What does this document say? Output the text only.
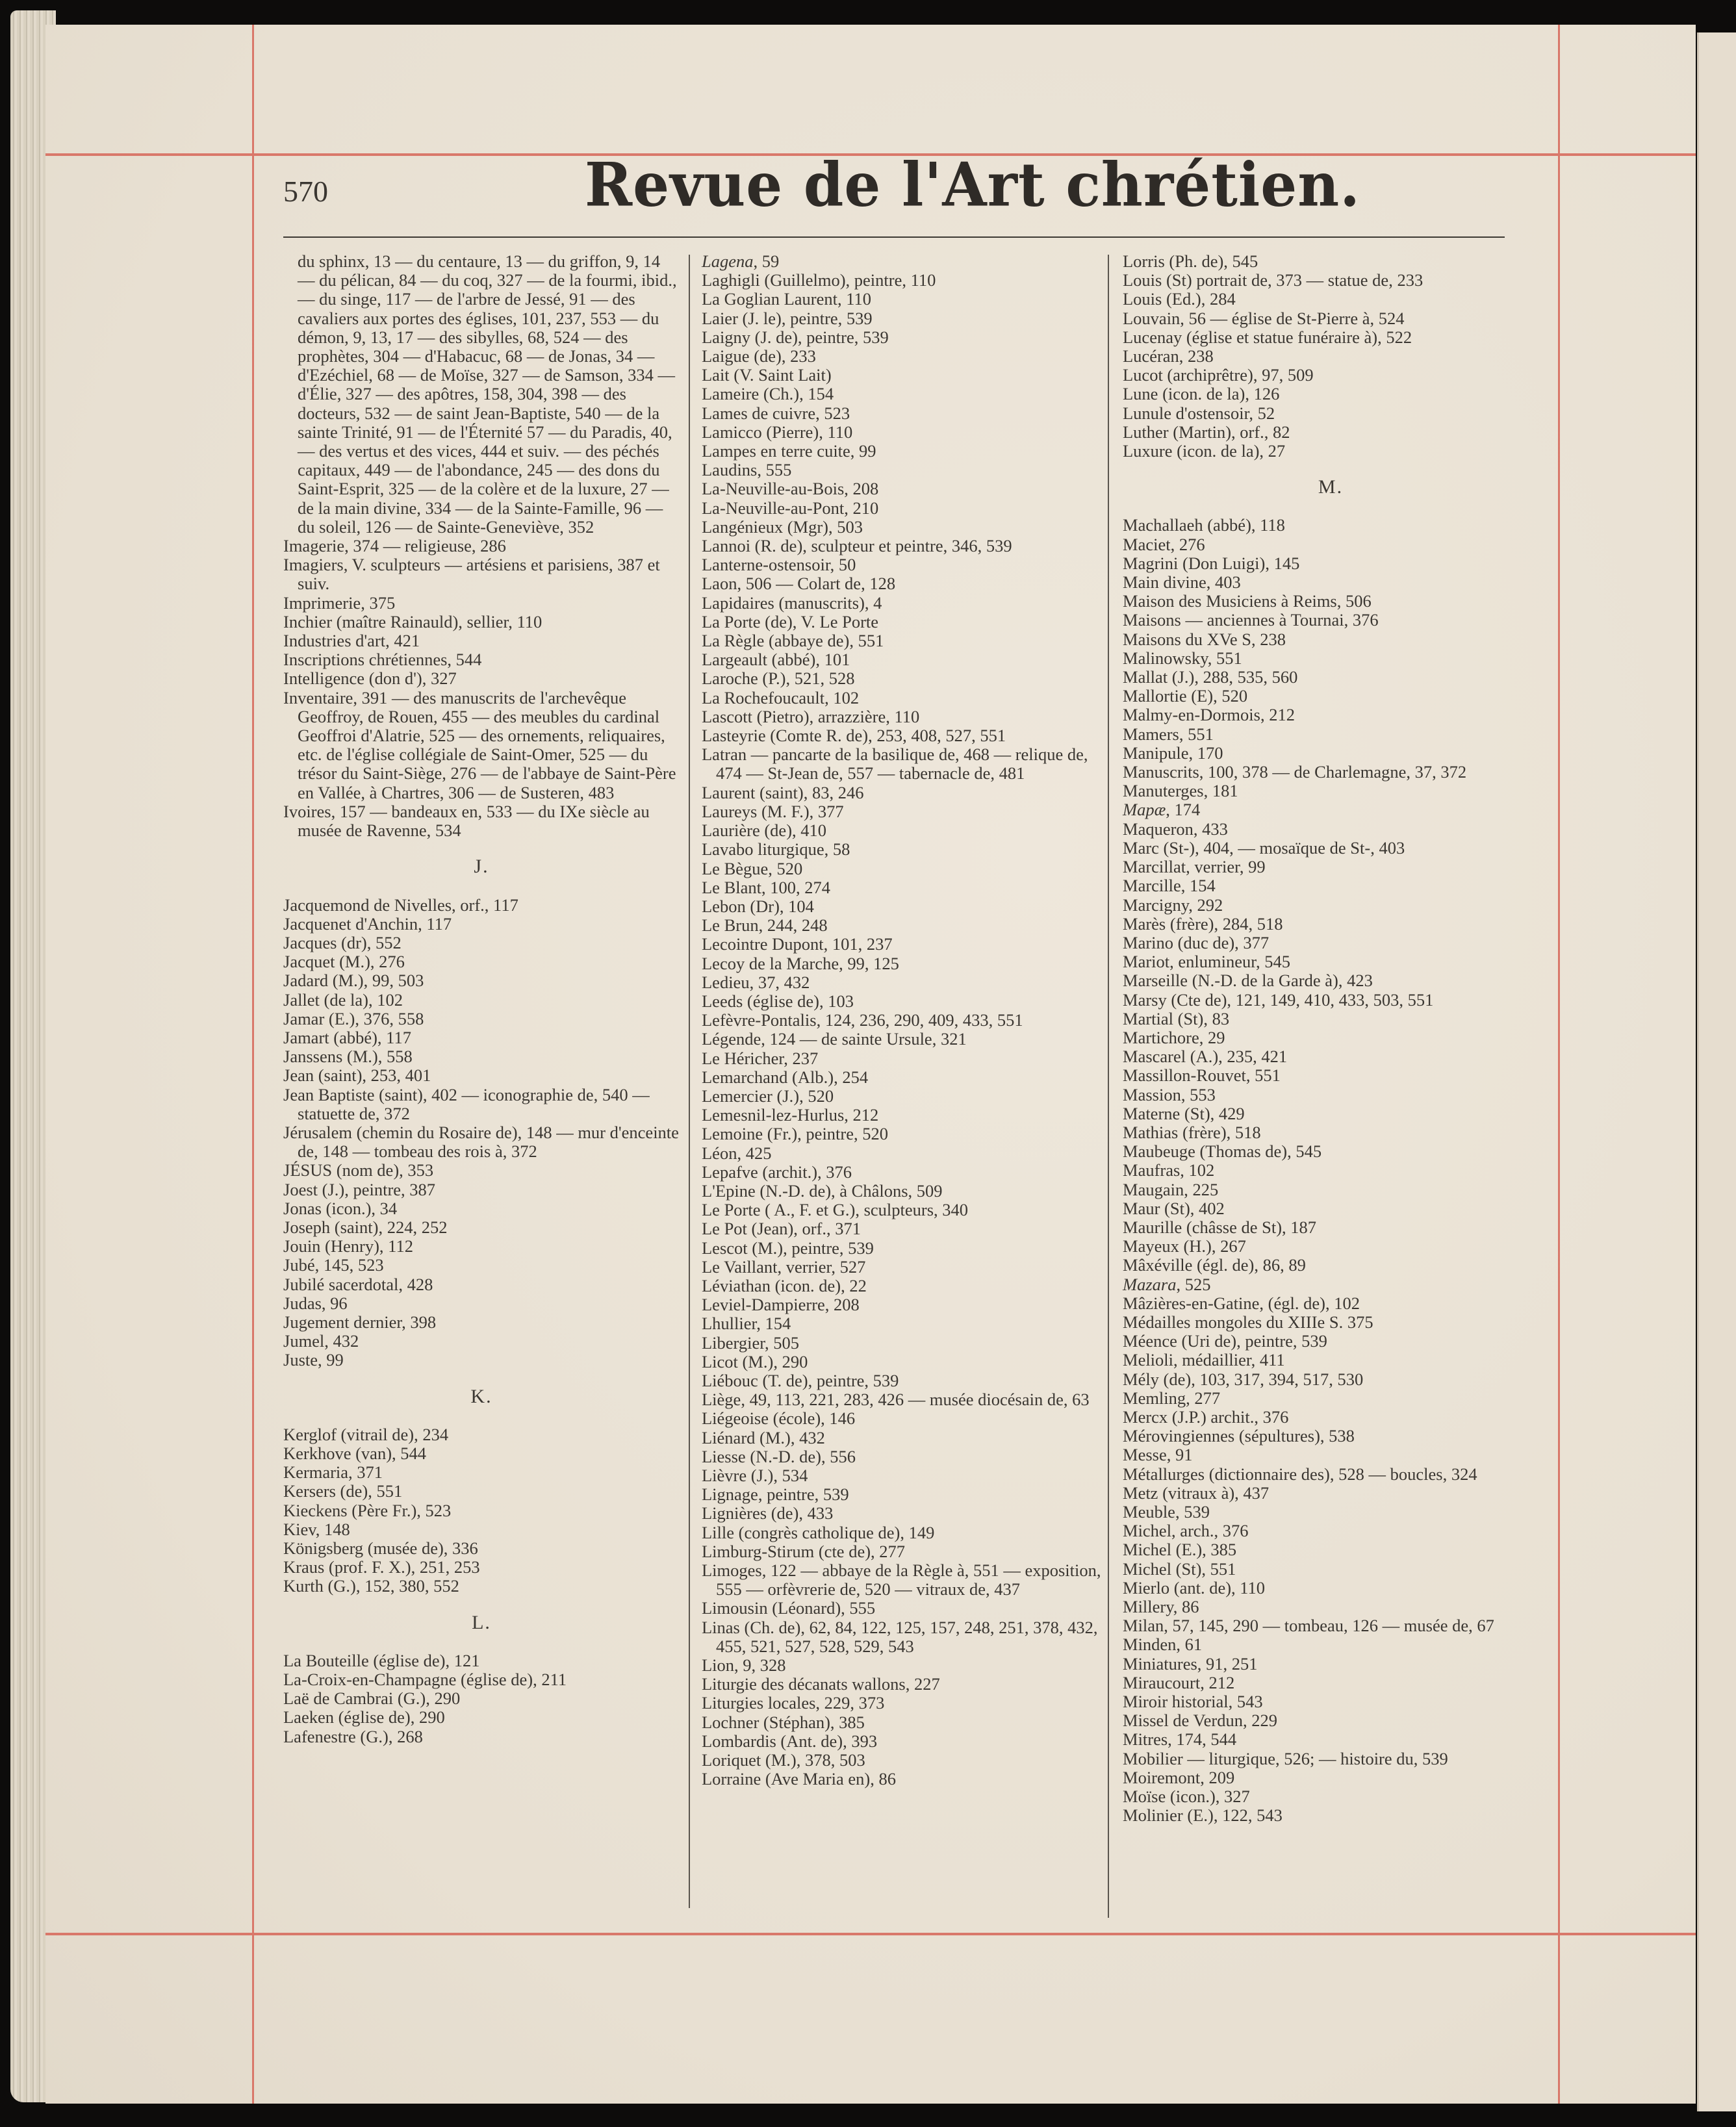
570	Revue de l'Art chrétien.
du sphinx, 13 — du centaure, 13 — du griffon, 9, 14 — du pélican, 84 — du coq, 327 — de la fourmi, ibid., — du singe, 117 — de l'arbre de Jessé, 91 — des cavaliers aux portes des églises, 101, 237, 553 — du démon, 9, 13, 17 — des sibylles, 68, 524 — des prophètes, 304 — d'Habacuc, 68 — de Jonas, 34 — d'Ezéchiel, 68 — de Moïse, 327 — de Samson, 334 — d'Élie, 327 — des apôtres, 158, 304, 398 — des docteurs, 532 — de saint Jean-Baptiste, 540 — de la sainte Trinité, 91 — de l'Éternité 57 — du Paradis, 40, — des vertus et des vices, 444 et suiv. — des péchés capitaux, 449 — de l'abondance, 245 — des dons du Saint-Esprit, 325 — de la colère et de la luxure, 27 — de la main divine, 334 — de la Sainte-Famille, 96 — du soleil, 126 — de Sainte-Geneviève, 352
Imagerie, 374 — religieuse, 286
Imagiers, V. sculpteurs — artésiens et parisiens, 387 et suiv.
Imprimerie, 375
Inchier (maître Rainauld), sellier, 110
Industries d'art, 421
Inscriptions chrétiennes, 544
Intelligence (don d'), 327
Inventaire, 391 — des manuscrits de l'archevêque Geoffroy, de Rouen, 455 — des meubles du cardinal Geoffroi d'Alatrie, 525 — des ornements, reliquaires, etc. de l'église collégiale de Saint-Omer, 525 — du trésor du Saint-Siège, 276 — de l'abbaye de Saint-Père en Vallée, à Chartres, 306 — de Susteren, 483
Ivoires, 157 — bandeaux en, 533 — du IXe siècle au musée de Ravenne, 534
J.
Jacquemond de Nivelles, orf., 117
Jacquenet d'Anchin, 117
Jacques (dr), 552
Jacquet (M.), 276
Jadard (M.), 99, 503
Jallet (de la), 102
Jamar (E.), 376, 558
Jamart (abbé), 117
Janssens (M.), 558
Jean (saint), 253, 401
Jean Baptiste (saint), 402 — iconographie de, 540 — statuette de, 372
Jérusalem (chemin du Rosaire de), 148 — mur d'enceinte de, 148 — tombeau des rois à, 372
JÉSUS (nom de), 353
Joest (J.), peintre, 387
Jonas (icon.), 34
Joseph (saint), 224, 252
Jouin (Henry), 112
Jubé, 145, 523
Jubilé sacerdotal, 428
Judas, 96
Jugement dernier, 398
Jumel, 432
Juste, 99
K.
Kerglof (vitrail de), 234
Kerkhove (van), 544
Kermaria, 371
Kersers (de), 551
Kieckens (Père Fr.), 523
Kiev, 148
Königsberg (musée de), 336
Kraus (prof. F. X.), 251, 253
Kurth (G.), 152, 380, 552
L.
La Bouteille (église de), 121
La-Croix-en-Champagne (église de), 211
Laë de Cambrai (G.), 290
Laeken (église de), 290
Lafenestre (G.), 268
Lagena, 59
Laghigli (Guillelmo), peintre, 110
La Goglian Laurent, 110
Laier (J. le), peintre, 539
Laigny (J. de), peintre, 539
Laigue (de), 233
Lait (V. Saint Lait)
Lameire (Ch.), 154
Lames de cuivre, 523
Lamicco (Pierre), 110
Lampes en terre cuite, 99
Laudins, 555
La-Neuville-au-Bois, 208
La-Neuville-au-Pont, 210
Langénieux (Mgr), 503
Lannoi (R. de), sculpteur et peintre, 346, 539
Lanterne-ostensoir, 50
Laon, 506 — Colart de, 128
Lapidaires (manuscrits), 4
La Porte (de), V. Le Porte
La Règle (abbaye de), 551
Largeault (abbé), 101
Laroche (P.), 521, 528
La Rochefoucault, 102
Lascott (Pietro), arrazzière, 110
Lasteyrie (Comte R. de), 253, 408, 527, 551
Latran — pancarte de la basilique de, 468 — relique de, 474 — St-Jean de, 557 — tabernacle de, 481
Laurent (saint), 83, 246
Laureys (M. F.), 377
Laurière (de), 410
Lavabo liturgique, 58
Le Bègue, 520
Le Blant, 100, 274
Lebon (Dr), 104
Le Brun, 244, 248
Lecointre Dupont, 101, 237
Lecoy de la Marche, 99, 125
Ledieu, 37, 432
Leeds (église de), 103
Lefèvre-Pontalis, 124, 236, 290, 409, 433, 551
Légende, 124 — de sainte Ursule, 321
Le Héricher, 237
Lemarchand (Alb.), 254
Lemercier (J.), 520
Lemesnil-lez-Hurlus, 212
Lemoine (Fr.), peintre, 520
Léon, 425
Lepafve (archit.), 376
L'Epine (N.-D. de), à Châlons, 509
Le Porte ( A., F. et G.), sculpteurs, 340
Le Pot (Jean), orf., 371
Lescot (M.), peintre, 539
Le Vaillant, verrier, 527
Léviathan (icon. de), 22
Leviel-Dampierre, 208
Lhullier, 154
Libergier, 505
Licot (M.), 290
Liébouc (T. de), peintre, 539
Liège, 49, 113, 221, 283, 426 — musée diocésain de, 63
Liégeoise (école), 146
Liénard (M.), 432
Liesse (N.-D. de), 556
Lièvre (J.), 534
Lignage, peintre, 539
Lignières (de), 433
Lille (congrès catholique de), 149
Limburg-Stirum (cte de), 277
Limoges, 122 — abbaye de la Règle à, 551 — exposition, 555 — orfèvrerie de, 520 — vitraux de, 437
Limousin (Léonard), 555
Linas (Ch. de), 62, 84, 122, 125, 157, 248, 251, 378, 432, 455, 521, 527, 528, 529, 543
Lion, 9, 328
Liturgie des décanats wallons, 227
Liturgies locales, 229, 373
Lochner (Stéphan), 385
Lombardis (Ant. de), 393
Loriquet (M.), 378, 503
Lorraine (Ave Maria en), 86
Lorris (Ph. de), 545
Louis (St) portrait de, 373 — statue de, 233
Louis (Ed.), 284
Louvain, 56 — église de St-Pierre à, 524
Lucenay (église et statue funéraire à), 522
Lucéran, 238
Lucot (archiprêtre), 97, 509
Lune (icon. de la), 126
Lunule d'ostensoir, 52
Luther (Martin), orf., 82
Luxure (icon. de la), 27
M.
Machallaeh (abbé), 118
Maciet, 276
Magrini (Don Luigi), 145
Main divine, 403
Maison des Musiciens à Reims, 506
Maisons — anciennes à Tournai, 376
Maisons du XVe S, 238
Malinowsky, 551
Mallat (J.), 288, 535, 560
Mallortie (E), 520
Malmy-en-Dormois, 212
Mamers, 551
Manipule, 170
Manuscrits, 100, 378 — de Charlemagne, 37, 372
Manuterges, 181
Mapæ, 174
Maqueron, 433
Marc (St-), 404, — mosaïque de St-, 403
Marcillat, verrier, 99
Marcille, 154
Marcigny, 292
Marès (frère), 284, 518
Marino (duc de), 377
Mariot, enlumineur, 545
Marseille (N.-D. de la Garde à), 423
Marsy (Cte de), 121, 149, 410, 433, 503, 551
Martial (St), 83
Martichore, 29
Mascarel (A.), 235, 421
Massillon-Rouvet, 551
Massion, 553
Materne (St), 429
Mathias (frère), 518
Maubeuge (Thomas de), 545
Maufras, 102
Maugain, 225
Maur (St), 402
Maurille (châsse de St), 187
Mayeux (H.), 267
Mâxéville (égl. de), 86, 89
Mazara, 525
Mâzières-en-Gatine, (égl. de), 102
Médailles mongoles du XIIIe S. 375
Méence (Uri de), peintre, 539
Melioli, médaillier, 411
Mély (de), 103, 317, 394, 517, 530
Memling, 277
Mercx (J.P.) archit., 376
Mérovingiennes (sépultures), 538
Messe, 91
Métallurges (dictionnaire des), 528 — boucles, 324
Metz (vitraux à), 437
Meuble, 539
Michel, arch., 376
Michel (E.), 385
Michel (St), 551
Mierlo (ant. de), 110
Millery, 86
Milan, 57, 145, 290 — tombeau, 126 — musée de, 67
Minden, 61
Miniatures, 91, 251
Miraucourt, 212
Miroir historial, 543
Missel de Verdun, 229
Mitres, 174, 544
Mobilier — liturgique, 526; — histoire du, 539
Moiremont, 209
Moïse (icon.), 327
Molinier (E.), 122, 543
